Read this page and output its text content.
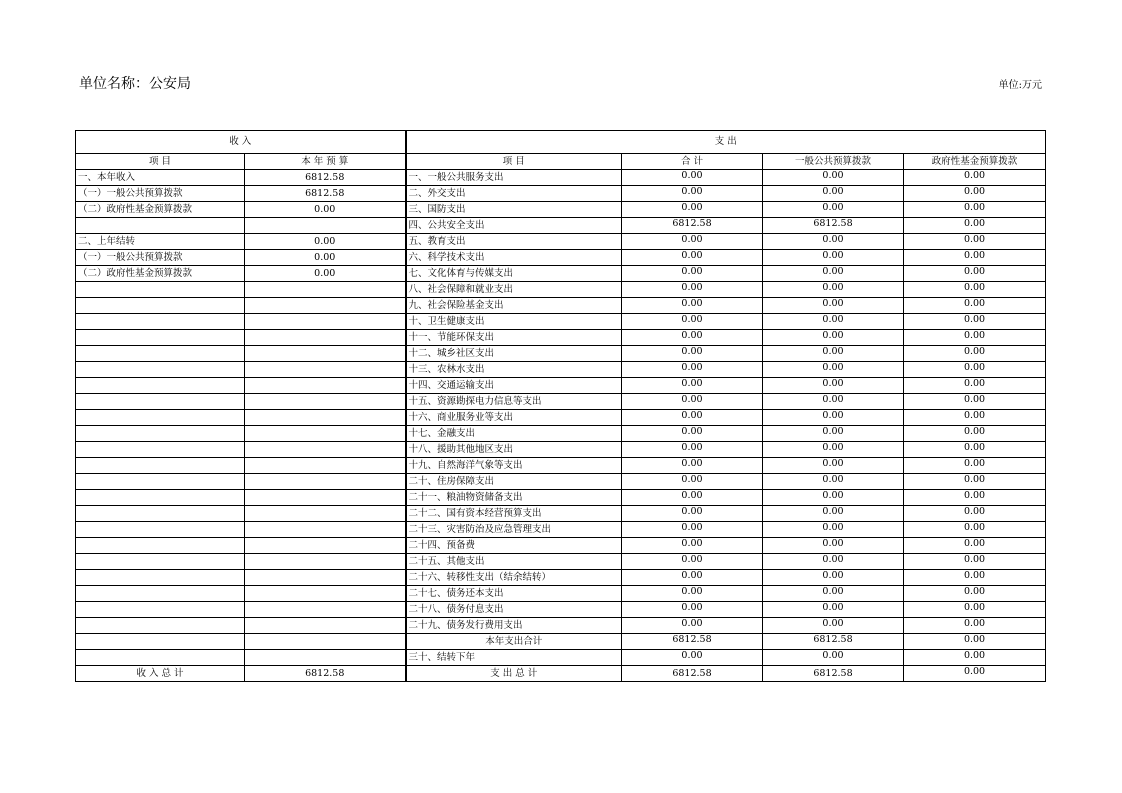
单位名称：公安局	单位:万元
收 入		支 出			
项 目	本 年 预 算	项 目	合 计	一般公共预算拨款	政府性基金预算拨款
一、本年收入	6812.58	一、一般公共服务支出	0.00	0.00	0.00
（一）一般公共预算拨款	6812.58	二、外交支出	0.00	0.00	0.00
（二）政府性基金预算拨款	0.00	三、国防支出	0.00	0.00	0.00
		四、公共安全支出	6812.58	6812.58	0.00
二、上年结转	0.00	五、教育支出	0.00	0.00	0.00
（一）一般公共预算拨款	0.00	六、科学技术支出	0.00	0.00	0.00
（二）政府性基金预算拨款	0.00	七、文化体育与传媒支出	0.00	0.00	0.00
		八、社会保障和就业支出	0.00	0.00	0.00
		九、社会保险基金支出	0.00	0.00	0.00
		十、卫生健康支出	0.00	0.00	0.00
		十一、节能环保支出	0.00	0.00	0.00
		十二、城乡社区支出	0.00	0.00	0.00
		十三、农林水支出	0.00	0.00	0.00
		十四、交通运输支出	0.00	0.00	0.00
		十五、资源勘探电力信息等支出	0.00	0.00	0.00
		十六、商业服务业等支出	0.00	0.00	0.00
		十七、金融支出	0.00	0.00	0.00
		十八、援助其他地区支出	0.00	0.00	0.00
		十九、自然海洋气象等支出	0.00	0.00	0.00
		二十、住房保障支出	0.00	0.00	0.00
		二十一、粮油物资储备支出	0.00	0.00	0.00
		二十二、国有资本经营预算支出	0.00	0.00	0.00
		二十三、灾害防治及应急管理支出	0.00	0.00	0.00
		二十四、预备费	0.00	0.00	0.00
		二十五、其他支出	0.00	0.00	0.00
		二十六、转移性支出（结余结转）	0.00	0.00	0.00
		二十七、债务还本支出	0.00	0.00	0.00
		二十八、债务付息支出	0.00	0.00	0.00
		二十九、债务发行费用支出	0.00	0.00	0.00
		本年支出合计	6812.58	6812.58	0.00
		三十、结转下年	0.00	0.00	0.00
收 入 总 计	6812.58	支 出 总 计	6812.58	6812.58	0.00
